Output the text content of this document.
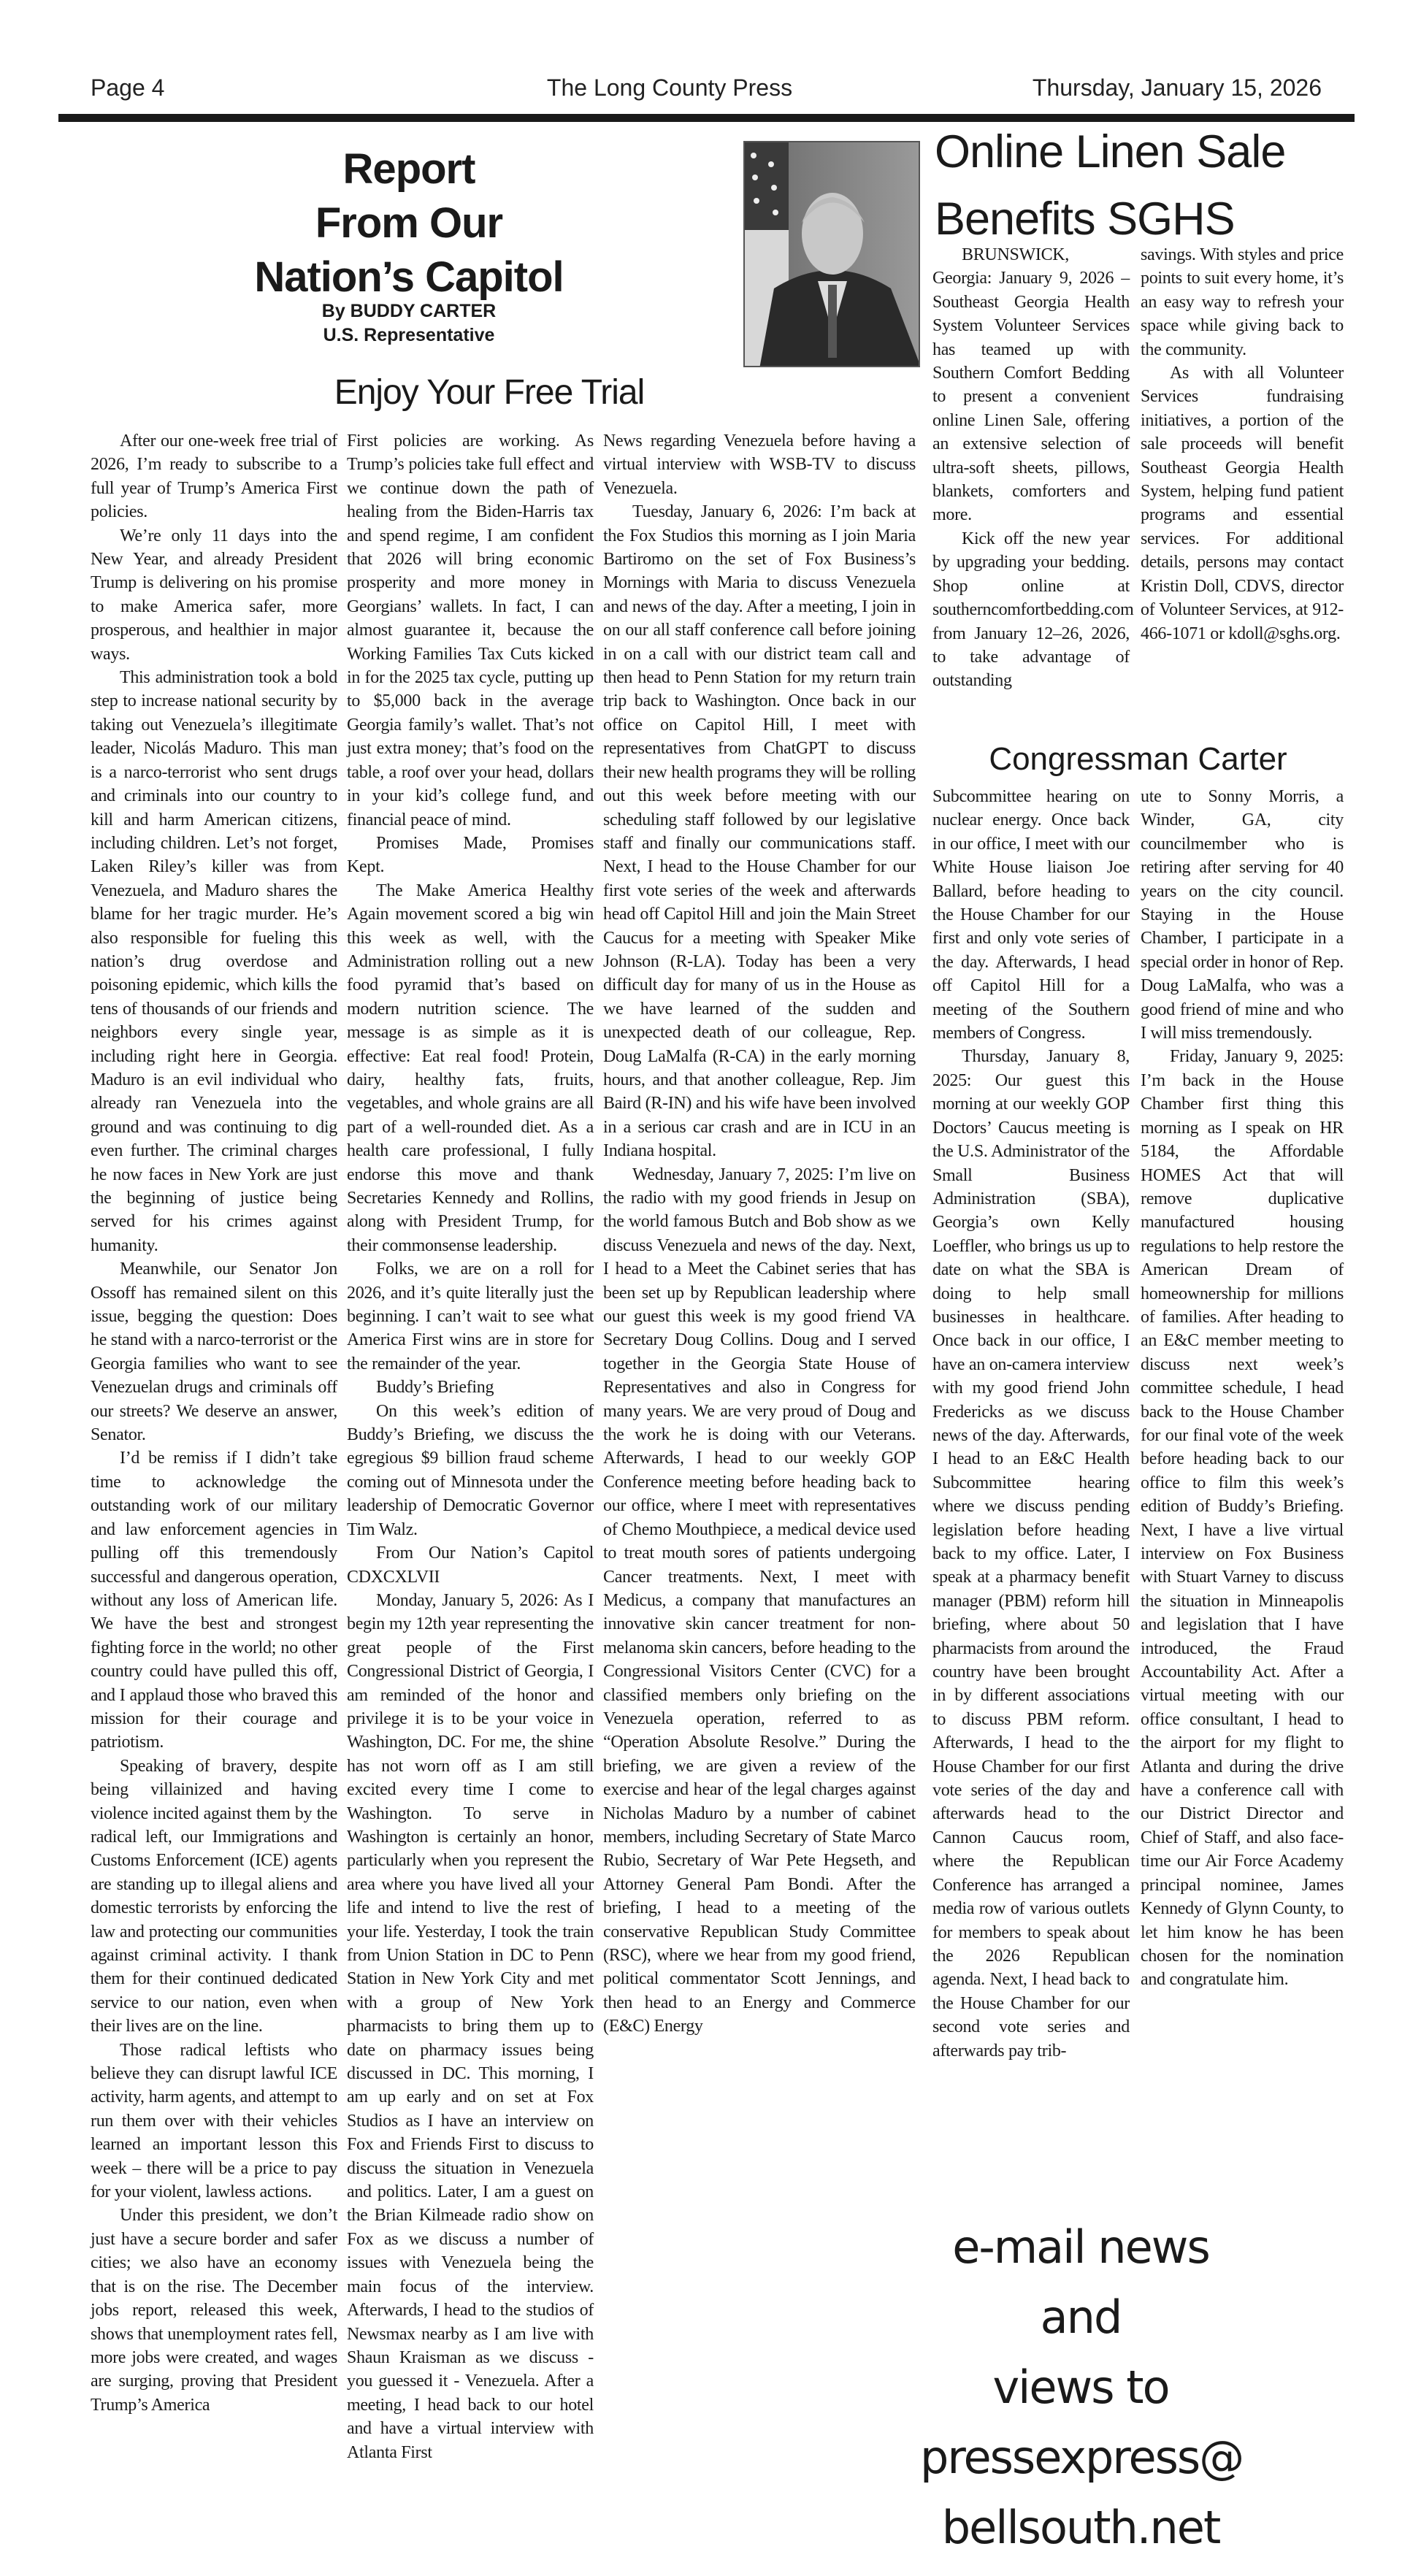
Page 4	The Long County Press	Thursday, January 15, 2026
Report
From Our
Nation’s Capitol
By BUDDY CARTER
U.S. Representative
Online Linen Sale
Benefits SGHS
Enjoy Your Free Trial

After our one-week free trial of 2026, I’m ready to subscribe to a full year of Trump’s America First policies.

We’re only 11 days into the New Year, and already President Trump is delivering on his promise to make America safer, more prosperous, and healthier in major ways.

This administration took a bold step to increase national security by taking out Venezuela’s illegitimate leader, Nicolás Maduro. This man is a narco-terrorist who sent drugs and criminals into our country to kill and harm American citizens, including children. Let’s not forget, Laken Riley’s killer was from Venezuela, and Maduro shares the blame for her tragic murder. He’s also responsible for fueling this nation’s drug overdose and poisoning epidemic, which kills the tens of thousands of our friends and neighbors every single year, including right here in Georgia. Maduro is an evil individual who already ran Venezuela into the ground and was continuing to dig even further. The criminal charges he now faces in New York are just the beginning of justice being served for his crimes against humanity.

Meanwhile, our Senator Jon Ossoff has remained silent on this issue, begging the question: Does he stand with a narco-terrorist or the Georgia families who want to see Venezuelan drugs and criminals off our streets? We deserve an answer, Senator.

I’d be remiss if I didn’t take time to acknowledge the outstanding work of our military and law enforcement agencies in pulling off this tremendously successful and dangerous operation, without any loss of American life. We have the best and strongest fighting force in the world; no other country could have pulled this off, and I applaud those who braved this mission for their courage and patriotism.

Speaking of bravery, despite being villainized and having violence incited against them by the radical left, our Immigrations and Customs Enforcement (ICE) agents are standing up to illegal aliens and domestic terrorists by enforcing the law and protecting our communities against criminal activity. I thank them for their continued dedicated service to our nation, even when their lives are on the line.

Those radical leftists who believe they can disrupt lawful ICE activity, harm agents, and attempt to run them over with their vehicles learned an important lesson this week – there will be a price to pay for your violent, lawless actions.

Under this president, we don’t just have a secure border and safer cities; we also have an economy that is on the rise. The December jobs report, released this week, shows that unemployment rates fell, more jobs were created, and wages are surging, proving that President Trump’s America

First policies are working. As Trump’s policies take full effect and we continue down the path of healing from the Biden-Harris tax and spend regime, I am confident that 2026 will bring economic prosperity and more money in Georgians’ wallets. In fact, I can almost guarantee it, because the Working Families Tax Cuts kicked in for the 2025 tax cycle, putting up to $5,000 back in the average Georgia family’s wallet. That’s not just extra money; that’s food on the table, a roof over your head, dollars in your kid’s college fund, and financial peace of mind.

Promises Made, Promises Kept.

The Make America Healthy Again movement scored a big win this week as well, with the Administration rolling out a new food pyramid that’s based on modern nutrition science. The message is as simple as it is effective: Eat real food! Protein, dairy, healthy fats, fruits, vegetables, and whole grains are all part of a well-rounded diet. As a health care professional, I fully endorse this move and thank Secretaries Kennedy and Rollins, along with President Trump, for their commonsense leadership.

Folks, we are on a roll for 2026, and it’s quite literally just the beginning. I can’t wait to see what America First wins are in store for the remainder of the year.

Buddy’s Briefing

On this week’s edition of Buddy’s Briefing, we discuss the egregious $9 billion fraud scheme coming out of Minnesota under the leadership of Democratic Governor Tim Walz.

From Our Nation’s Capitol CDXCXLVII

Monday, January 5, 2026: As I begin my 12th year representing the great people of the First Congressional District of Georgia, I am reminded of the honor and privilege it is to be your voice in Washington, DC. For me, the shine has not worn off as I am still excited every time I come to Washington. To serve in Washington is certainly an honor, particularly when you represent the area where you have lived all your life and intend to live the rest of your life. Yesterday, I took the train from Union Station in DC to Penn Station in New York City and met with a group of New York pharmacists to bring them up to date on pharmacy issues being discussed in DC. This morning, I am up early and on set at Fox Studios as I have an interview on Fox and Friends First to discuss to discuss the situation in Venezuela and politics. Later, I am a guest on the Brian Kilmeade radio show on Fox as we discuss a number of issues with Venezuela being the main focus of the interview. Afterwards, I head to the studios of Newsmax nearby as I am live with Shaun Kraisman as we discuss - you guessed it - Venezuela. After a meeting, I head back to our hotel and have a virtual interview with Atlanta First

News regarding Venezuela before having a virtual interview with WSB-TV to discuss Venezuela.

Tuesday, January 6, 2026: I’m back at the Fox Studios this morning as I join Maria Bartiromo on the set of Fox Business’s Mornings with Maria to discuss Venezuela and news of the day. After a meeting, I join in on our all staff conference call before joining in on a call with our district team call and then head to Penn Station for my return train trip back to Washington. Once back in our office on Capitol Hill, I meet with representatives from ChatGPT to discuss their new health programs they will be rolling out this week before meeting with our scheduling staff followed by our legislative staff and finally our communications staff. Next, I head to the House Chamber for our first vote series of the week and afterwards head off Capitol Hill and join the Main Street Caucus for a meeting with Speaker Mike Johnson (R-LA). Today has been a very difficult day for many of us in the House as we have learned of the sudden and unexpected death of our colleague, Rep. Doug LaMalfa (R-CA) in the early morning hours, and that another colleague, Rep. Jim Baird (R-IN) and his wife have been involved in a serious car crash and are in ICU in an Indiana hospital.

Wednesday, January 7, 2025: I’m live on the radio with my good friends in Jesup on the world famous Butch and Bob show as we discuss Venezuela and news of the day. Next, I head to a Meet the Cabinet series that has been set up by Republican leadership where our guest this week is my good friend VA Secretary Doug Collins. Doug and I served together in the Georgia State House of Representatives and also in Congress for many years. We are very proud of Doug and the work he is doing with our Veterans. Afterwards, I head to our weekly GOP Conference meeting before heading back to our office, where I meet with representatives of Chemo Mouthpiece, a medical device used to treat mouth sores of patients undergoing Cancer treatments. Next, I meet with Medicus, a company that manufactures an innovative skin cancer treatment for non-melanoma skin cancers, before heading to the Congressional Visitors Center (CVC) for a classified members only briefing on the Venezuela operation, referred to as “Operation Absolute Resolve.” During the briefing, we are given a review of the exercise and hear of the legal charges against Nicholas Maduro by a number of cabinet members, including Secretary of State Marco Rubio, Secretary of War Pete Hegseth, and Attorney General Pam Bondi. After the briefing, I head to a meeting of the conservative Republican Study Committee (RSC), where we hear from my good friend, political commentator Scott Jennings, and then head to an Energy and Commerce (E&C) Energy

BRUNSWICK, Georgia: January 9, 2026 – Southeast Georgia Health System Volunteer Services has teamed up with Southern Comfort Bedding to present a convenient online Linen Sale, offering an extensive selection of ultra-soft sheets, pillows, blankets, comforters and more.

Kick off the new year by upgrading your bedding. Shop online at southerncomfortbedding.com from January 12–26, 2026, to take advantage of outstanding

savings. With styles and price points to suit every home, it’s an easy way to refresh your space while giving back to the community.

As with all Volunteer Services fundraising initiatives, a portion of the sale proceeds will benefit Southeast Georgia Health System, helping fund patient programs and essential services. For additional details, persons may contact Kristin Doll, CDVS, director of Volunteer Services, at 912-466-1071 or kdoll@sghs.org.

Congressman Carter

Subcommittee hearing on nuclear energy. Once back in our office, I meet with our White House liaison Joe Ballard, before heading to the House Chamber for our first and only vote series of the day. Afterwards, I head off Capitol Hill for a meeting of the Southern members of Congress.

Thursday, January 8, 2025: Our guest this morning at our weekly GOP Doctors’ Caucus meeting is the U.S. Administrator of the Small Business Administration (SBA), Georgia’s own Kelly Loeffler, who brings us up to date on what the SBA is doing to help small businesses in healthcare. Once back in our office, I have an on-camera interview with my good friend John Fredericks as we discuss news of the day. Afterwards, I head to an E&C Health Subcommittee hearing where we discuss pending legislation before heading back to my office. Later, I speak at a pharmacy benefit manager (PBM) reform hill briefing, where about 50 pharmacists from around the country have been brought in by different associations to discuss PBM reform. Afterwards, I head to the House Chamber for our first vote series of the day and afterwards head to the Cannon Caucus room, where the Republican Conference has arranged a media row of various outlets for members to speak about the 2026 Republican agenda. Next, I head back to the House Chamber for our second vote series and afterwards pay trib-

ute to Sonny Morris, a Winder, GA, city councilmember who is retiring after serving for 40 years on the city council. Staying in the House Chamber, I participate in a special order in honor of Rep. Doug LaMalfa, who was a good friend of mine and who I will miss tremendously.

Friday, January 9, 2025: I’m back in the House Chamber first thing this morning as I speak on HR 5184, the Affordable HOMES Act that will remove duplicative manufactured housing regulations to help restore the American Dream of homeownership for millions of families. After heading to an E&C member meeting to discuss next week’s committee schedule, I head back to the House Chamber for our final vote of the week before heading back to our office to film this week’s edition of Buddy’s Briefing. Next, I have a live virtual interview on Fox Business with Stuart Varney to discuss the situation in Minneapolis and legislation that I have introduced, the Fraud Accountability Act. After a virtual meeting with our office consultant, I head to the airport for my flight to Atlanta and during the drive have a conference call with our District Director and Chief of Staff, and also face-time our Air Force Academy principal nominee, James Kennedy of Glynn County, to let him know he has been chosen for the nomination and congratulate him.

e-mail news and
views to
pressexpress@
bellsouth.net
